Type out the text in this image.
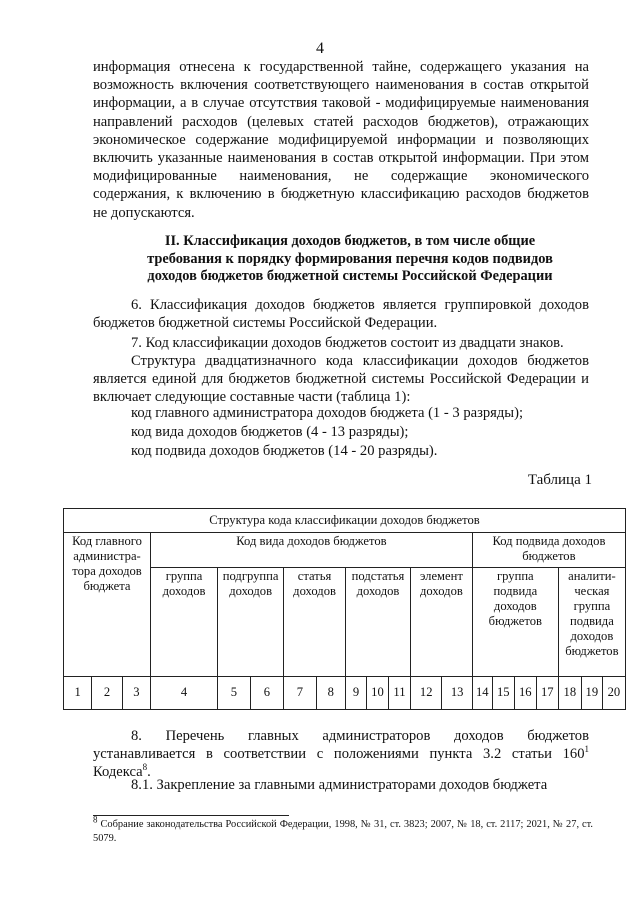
4

информация отнесена к государственной тайне, содержащего указания на возможность включения соответствующего наименования в состав открытой информации, а в случае отсутствия таковой - модифицируемые наименования направлений расходов (целевых статей расходов бюджетов), отражающих экономическое содержание модифицируемой информации и позволяющих включить указанные наименования в состав открытой информации. При этом модифицированные наименования, не содержащие экономического содержания, к включению в бюджетную классификацию расходов бюджетов не допускаются.

II. Классификация доходов бюджетов, в том числе общие требования к порядку формирования перечня кодов подвидов доходов бюджетов бюджетной системы Российской Федерации

6. Классификация доходов бюджетов является группировкой доходов бюджетов бюджетной системы Российской Федерации.

7. Код классификации доходов бюджетов состоит из двадцати знаков.

Структура двадцатизначного кода классификации доходов бюджетов является единой для бюджетов бюджетной системы Российской Федерации и включает следующие составные части (таблица 1):

код главного администратора доходов бюджета (1 - 3 разряды);
код вида доходов бюджетов (4 - 13 разряды);
код подвида доходов бюджетов (14 - 20 разряды).
Таблица 1
Структура кода классификации доходов бюджетов																			
Код главного администра-тора доходов бюджета			Код вида доходов бюджетов										Код подвида доходов бюджетов						
			группа доходов	подгруппа доходов		статья доходов		подстатья доходов			элемент доходов		группа подвида доходов бюджетов				аналити-ческая группа подвида доходов бюджетов		
1	2	3	4	5	6	7	8	9	10	11	12	13	14	15	16	17	18	19	20

8. Перечень главных администраторов доходов бюджетов устанавливается в соответствии с положениями пункта 3.2 статьи $160^1$ Кодекса$^8$.

8.1. Закрепление за главными администраторами доходов бюджета

8 Собрание законодательства Российской Федерации, 1998, № 31, ст. 3823; 2007, № 18, ст. 2117; 2021, № 27, ст. 5079.
